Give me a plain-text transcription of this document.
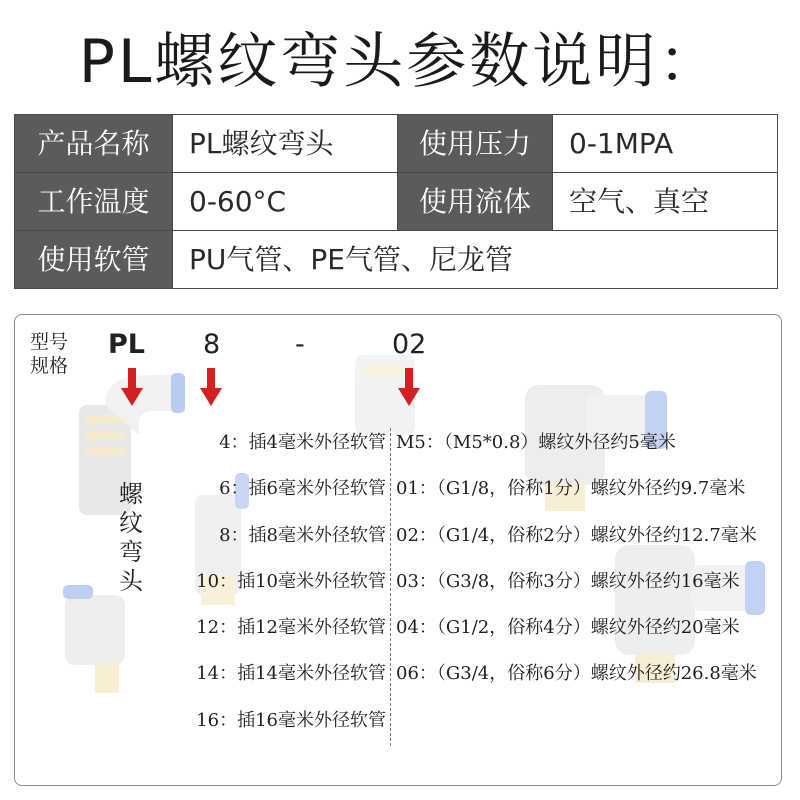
PL螺纹弯头参数说明：
产品名称	PL螺纹弯头	使用压力	0-1MPA
工作温度	0-60°C	使用流体	空气、真空
使用软管	PU气管、PE气管、尼龙管		
型号
规格
PL 8	-	02
螺纹弯头
4：插4毫米外径软管
6：插6毫米外径软管
8：插8毫米外径软管
10：插10毫米外径软管
12：插12毫米外径软管
14：插14毫米外径软管
16：插16毫米外径软管
M5：（M5*0.8）螺纹外径约5毫米
01：（G1/8，俗称1分）螺纹外径约9.7毫米
02：（G1/4，俗称2分）螺纹外径约12.7毫米
03：（G3/8，俗称3分）螺纹外径约16毫米
04：（G1/2，俗称4分）螺纹外径约20毫米
06：（G3/4，俗称6分）螺纹外径约26.8毫米
